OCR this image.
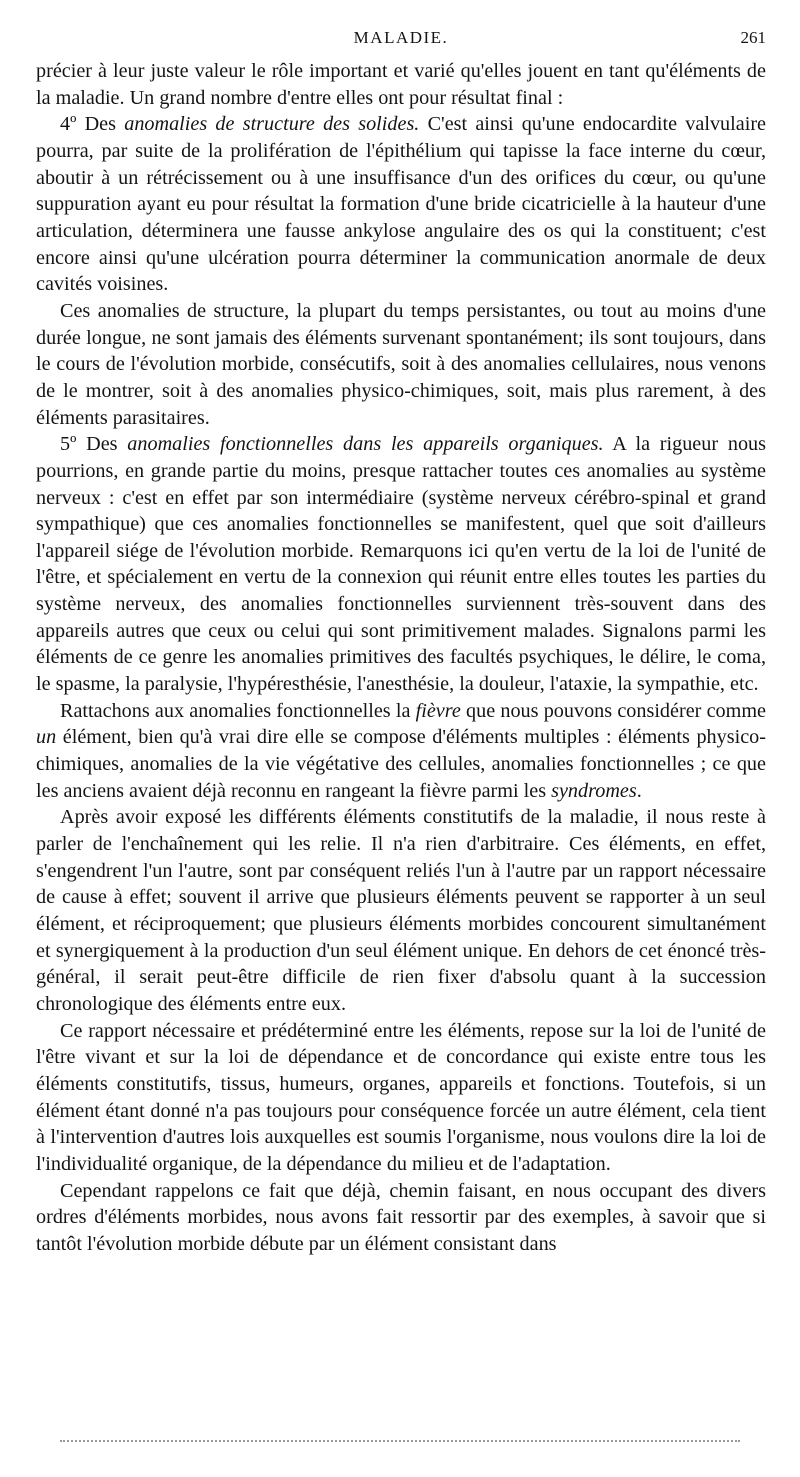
MALADIE.	261

précier à leur juste valeur le rôle important et varié qu'elles jouent en tant qu'éléments de la maladie. Un grand nombre d'entre elles ont pour résultat final :

4º Des anomalies de structure des solides. C'est ainsi qu'une endocardite valvulaire pourra, par suite de la prolifération de l'épithélium qui tapisse la face interne du cœur, aboutir à un rétrécissement ou à une insuffisance d'un des orifices du cœur, ou qu'une suppuration ayant eu pour résultat la formation d'une bride cicatricielle à la hauteur d'une articulation, déterminera une fausse ankylose angulaire des os qui la constituent; c'est encore ainsi qu'une ulcération pourra déterminer la communication anormale de deux cavités voisines.

Ces anomalies de structure, la plupart du temps persistantes, ou tout au moins d'une durée longue, ne sont jamais des éléments survenant spontanément; ils sont toujours, dans le cours de l'évolution morbide, consécutifs, soit à des anomalies cellulaires, nous venons de le montrer, soit à des anomalies physico-chimiques, soit, mais plus rarement, à des éléments parasitaires.

5º Des anomalies fonctionnelles dans les appareils organiques. A la rigueur nous pourrions, en grande partie du moins, presque rattacher toutes ces anomalies au système nerveux : c'est en effet par son intermédiaire (système nerveux cérébro-spinal et grand sympathique) que ces anomalies fonctionnelles se manifestent, quel que soit d'ailleurs l'appareil siége de l'évolution morbide. Remarquons ici qu'en vertu de la loi de l'unité de l'être, et spécialement en vertu de la connexion qui réunit entre elles toutes les parties du système nerveux, des anomalies fonctionnelles surviennent très-souvent dans des appareils autres que ceux ou celui qui sont primitivement malades. Signalons parmi les éléments de ce genre les anomalies primitives des facultés psychiques, le délire, le coma, le spasme, la paralysie, l'hypéresthésie, l'anesthésie, la douleur, l'ataxie, la sympathie, etc.

Rattachons aux anomalies fonctionnelles la fièvre que nous pouvons considérer comme un élément, bien qu'à vrai dire elle se compose d'éléments multiples : éléments physico-chimiques, anomalies de la vie végétative des cellules, anomalies fonctionnelles ; ce que les anciens avaient déjà reconnu en rangeant la fièvre parmi les syndromes.

Après avoir exposé les différents éléments constitutifs de la maladie, il nous reste à parler de l'enchaînement qui les relie. Il n'a rien d'arbitraire. Ces éléments, en effet, s'engendrent l'un l'autre, sont par conséquent reliés l'un à l'autre par un rapport nécessaire de cause à effet; souvent il arrive que plusieurs éléments peuvent se rapporter à un seul élément, et réciproquement; que plusieurs éléments morbides concourent simultanément et synergiquement à la production d'un seul élément unique. En dehors de cet énoncé très-général, il serait peut-être difficile de rien fixer d'absolu quant à la succession chronologique des éléments entre eux.

Ce rapport nécessaire et prédéterminé entre les éléments, repose sur la loi de l'unité de l'être vivant et sur la loi de dépendance et de concordance qui existe entre tous les éléments constitutifs, tissus, humeurs, organes, appareils et fonctions. Toutefois, si un élément étant donné n'a pas toujours pour conséquence forcée un autre élément, cela tient à l'intervention d'autres lois auxquelles est soumis l'organisme, nous voulons dire la loi de l'individualité organique, de la dépendance du milieu et de l'adaptation.

Cependant rappelons ce fait que déjà, chemin faisant, en nous occupant des divers ordres d'éléments morbides, nous avons fait ressortir par des exemples, à savoir que si tantôt l'évolution morbide débute par un élément consistant dans
